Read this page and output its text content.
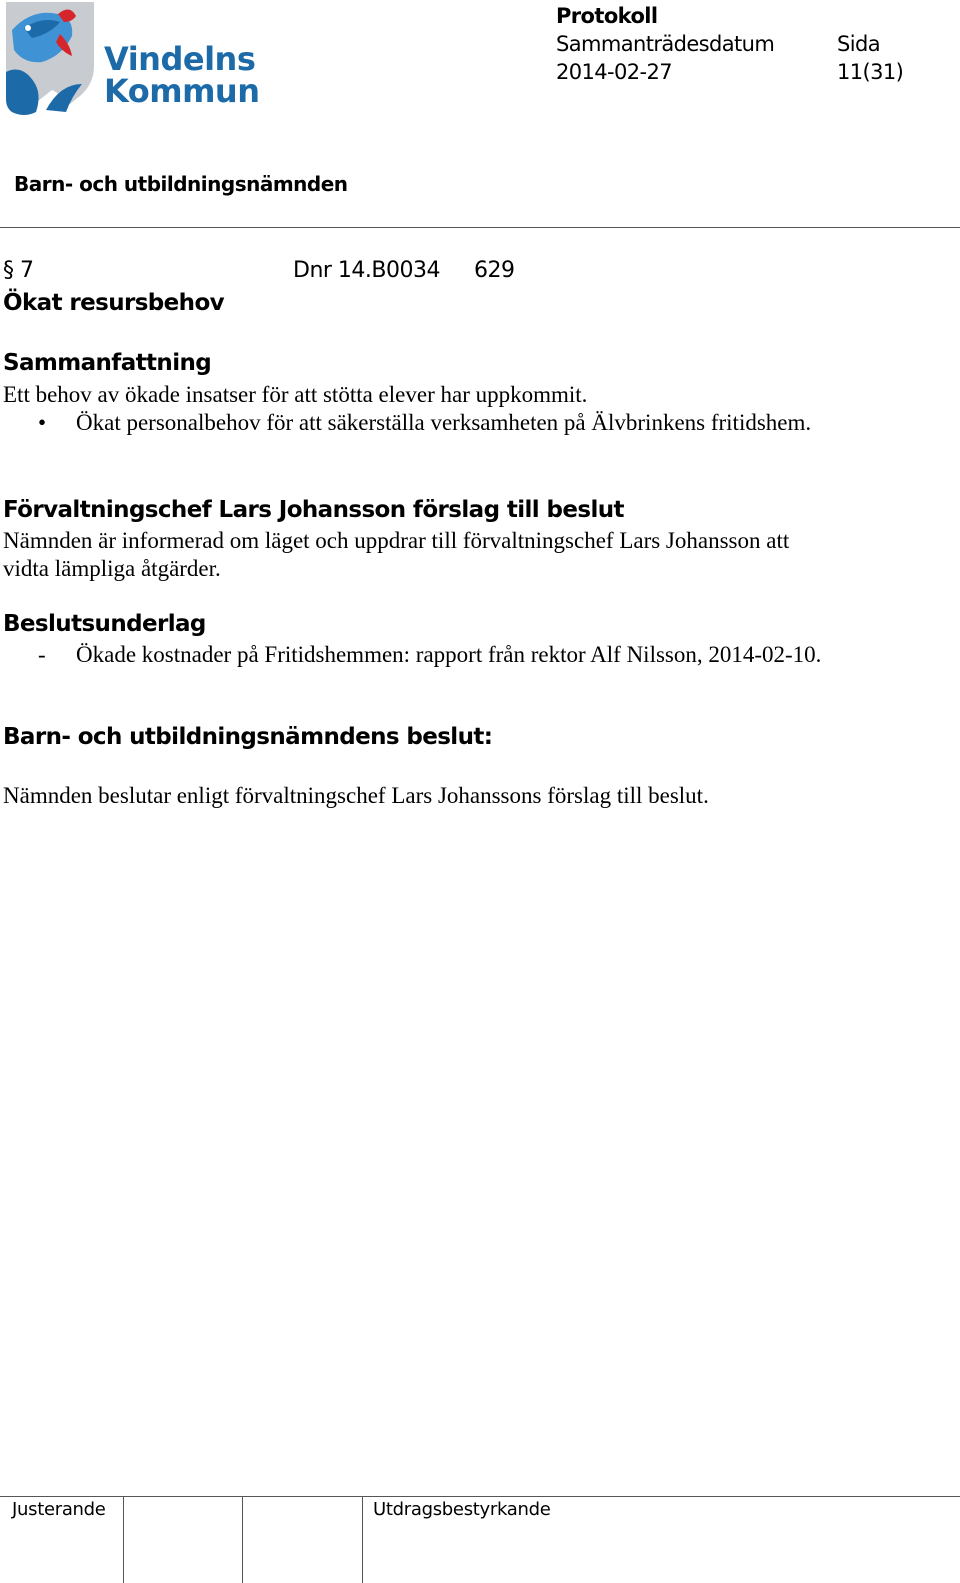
Vindelns
Kommun
Protokoll
Sammanträdesdatum	Sida
2014-02-27	11(31)
Barn- och utbildningsnämnden
§ 7	Dnr 14.B0034 629
Ökat resursbehov
Sammanfattning
Ett behov av ökade insatser för att stötta elever har uppkommit.
• Ökat personalbehov för att säkerställa verksamheten på Älvbrinkens fritidshem.
Förvaltningschef Lars Johansson förslag till beslut
Nämnden är informerad om läget och uppdrar till förvaltningschef Lars Johansson att vidta lämpliga åtgärder.
Beslutsunderlag
- Ökade kostnader på Fritidshemmen: rapport från rektor Alf Nilsson, 2014-02-10.
Barn- och utbildningsnämndens beslut:
Nämnden beslutar enligt förvaltningschef Lars Johanssons förslag till beslut.
Justerande	Utdragsbestyrkande
